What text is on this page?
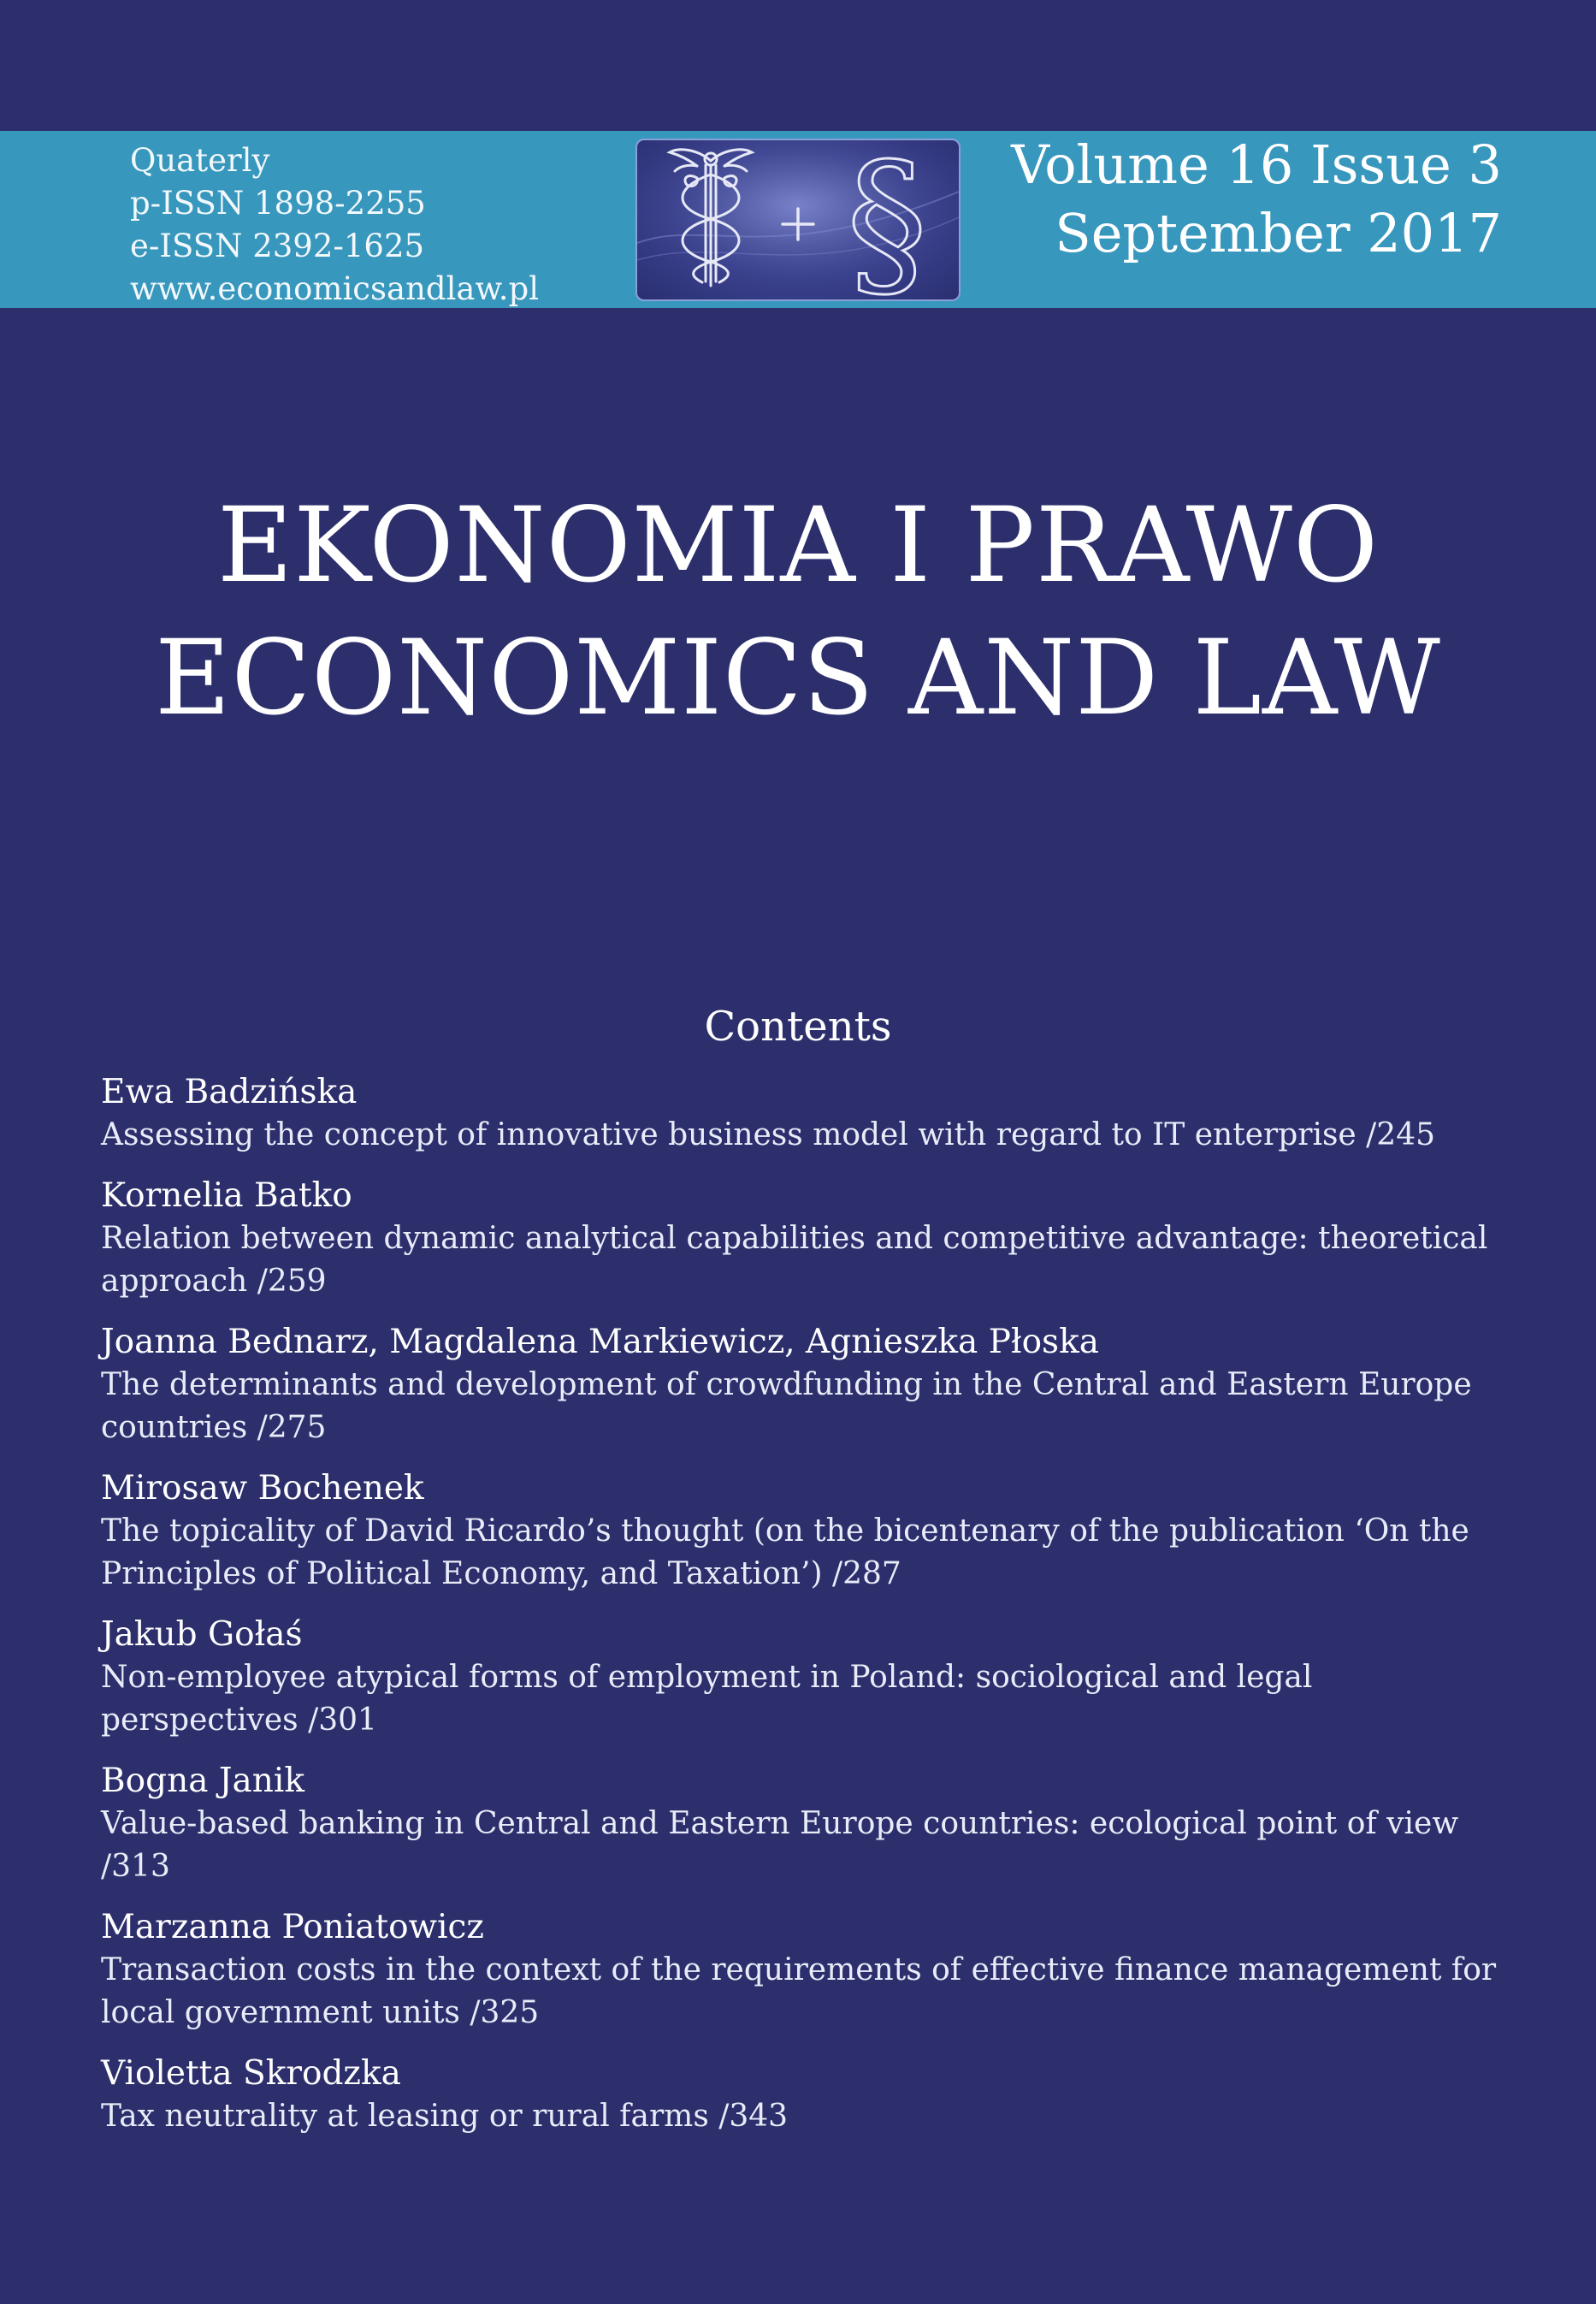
Quaterly
p-ISSN 1898-2255
e-ISSN 2392-1625
www.economicsandlaw.pl § Volume 16 Issue 3
September 2017
EKONOMIA I PRAWO
ECONOMICS AND LAW
Contents
Ewa Badzińska
Assessing the concept of innovative business model with regard to IT enterprise /245
Kornelia Batko
Relation between dynamic analytical capabilities and competitive advantage: theoretical approach /259
Joanna Bednarz, Magdalena Markiewicz, Agnieszka Płoska
The determinants and development of crowdfunding in the Central and Eastern Europe countries /275
Mirosaw Bochenek
The topicality of David Ricardo’s thought (on the bicentenary of the publication ‘On the Principles of Political Economy, and Taxation’) /287
Jakub Gołaś
Non-employee atypical forms of employment in Poland: sociological and legal perspectives /301
Bogna Janik
Value-based banking in Central and Eastern Europe countries: ecological point of view /313
Marzanna Poniatowicz
Transaction costs in the context of the requirements of effective finance management for local government units /325
Violetta Skrodzka
Tax neutrality at leasing or rural farms /343
